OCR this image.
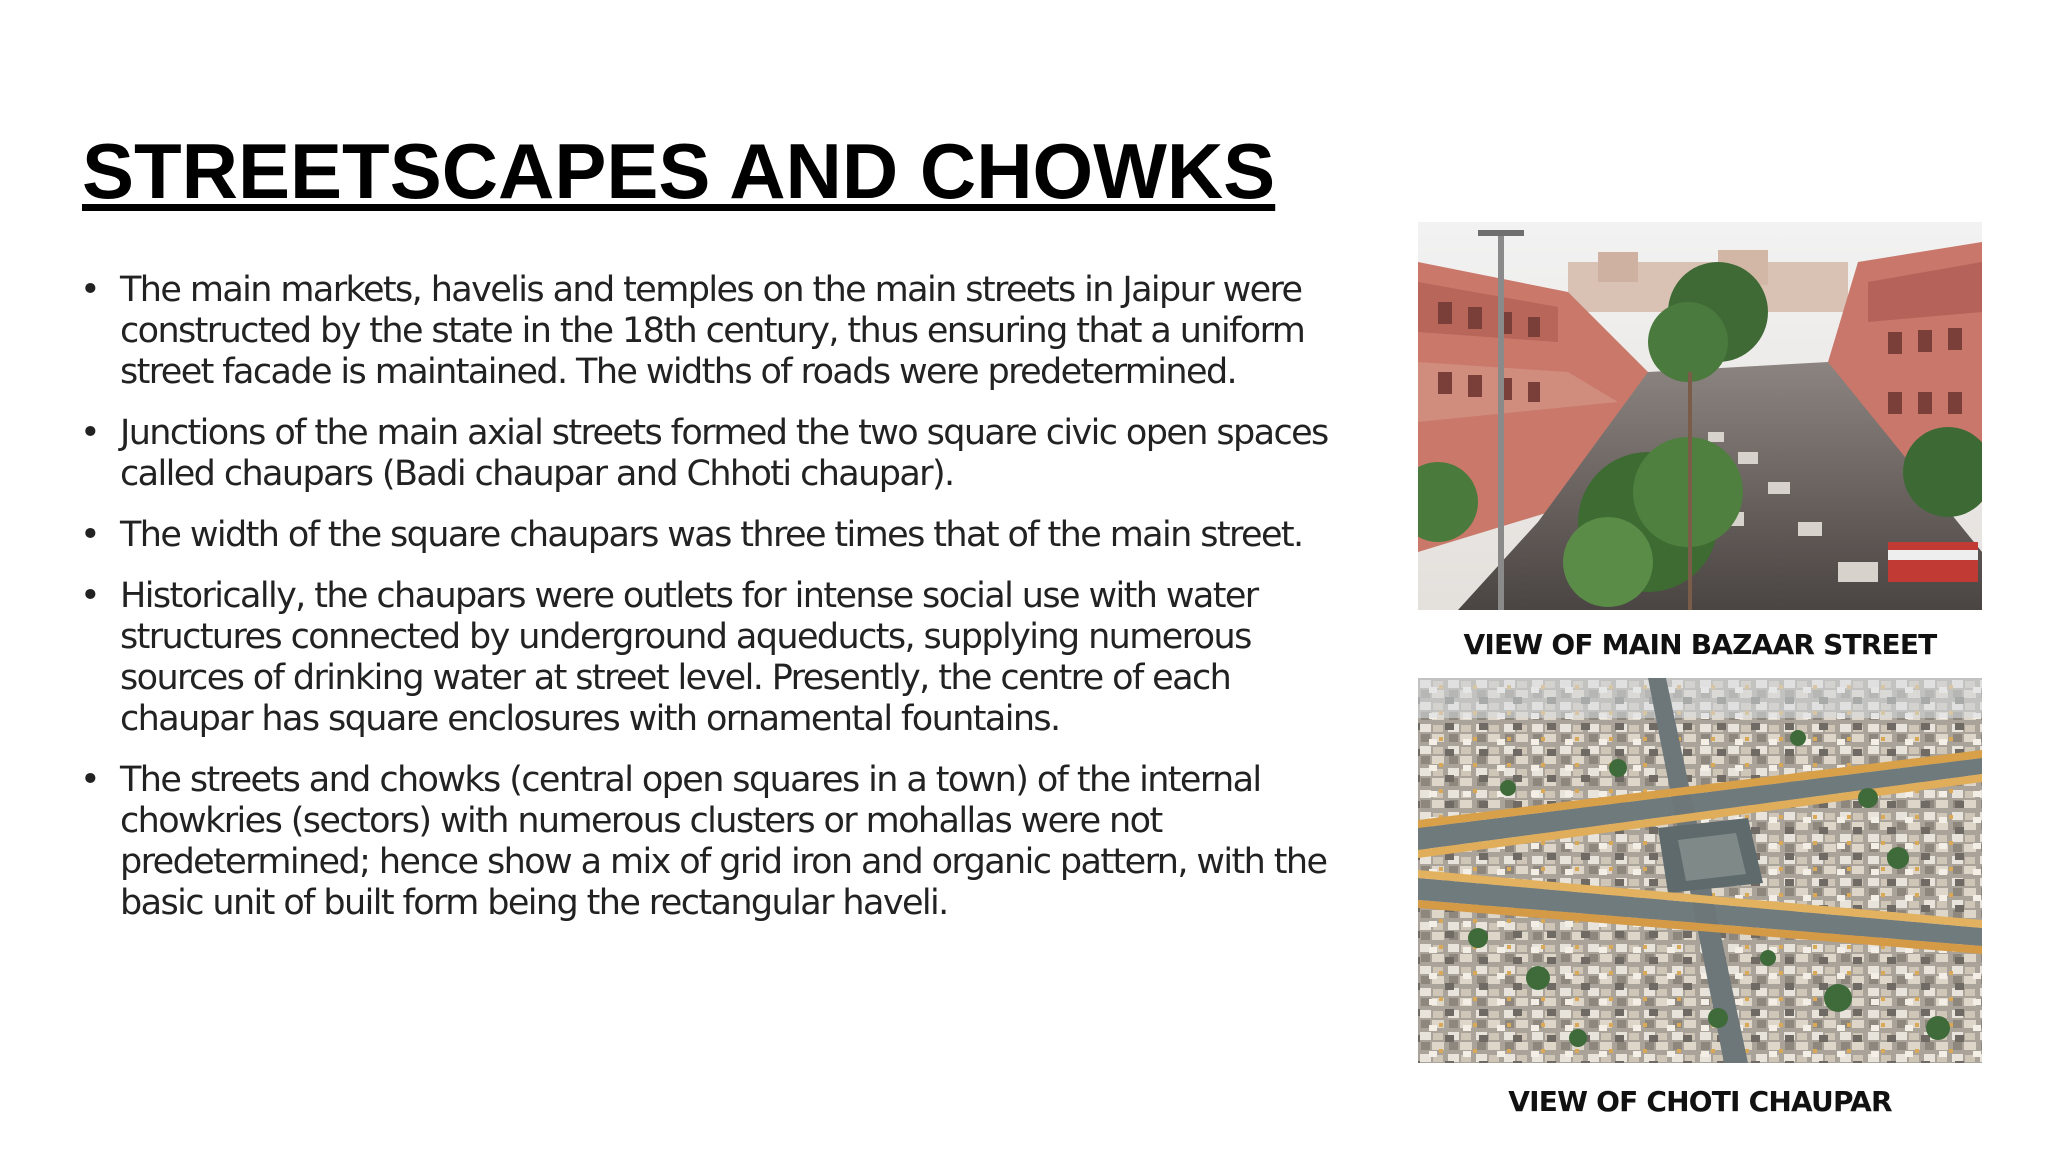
STREETSCAPES AND CHOWKS
• The main markets, havelis and temples on the main streets in Jaipur were constructed by the state in the 18th century, thus ensuring that a uniform street facade is maintained. The widths of roads were predetermined.
• Junctions of the main axial streets formed the two square civic open spaces called chaupars (Badi chaupar and Chhoti chaupar).
• The width of the square chaupars was three times that of the main street.
• Historically, the chaupars were outlets for intense social use with water structures connected by underground aqueducts, supplying numerous sources of drinking water at street level. Presently, the centre of each chaupar has square enclosures with ornamental fountains.
• The streets and chowks (central open squares in a town) of the internal chowkries (sectors) with numerous clusters or mohallas were not predetermined; hence show a mix of grid iron and organic pattern, with the basic unit of built form being the rectangular haveli.

VIEW OF MAIN BAZAAR STREET

VIEW OF CHOTI CHAUPAR
